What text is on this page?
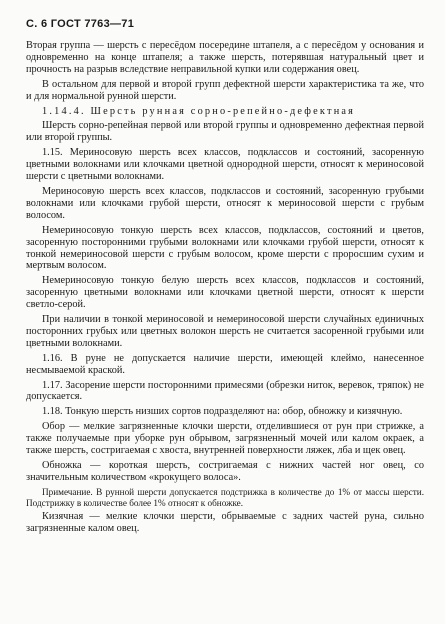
С. 6 ГОСТ 7763—71

Вторая группа — шерсть с пересёдом посередине штапеля, а с пересёдом у основания и одновременно на конце штапеля; а также шерсть, потерявшая натуральный цвет и прочность на разрыв вследствие неправильной купки или содержания овец.

В остальном для первой и второй групп дефектной шерсти характеристика та же, что и для нормальной рунной шерсти.

1.14.4. Шерсть рунная сорно-репейно-дефектная

Шерсть сорно-репейная первой или второй группы и одновременно дефектная первой или второй группы.

1.15. Мериносовую шерсть всех классов, подклассов и состояний, засоренную цветными волокнами или клочками цветной однородной шерсти, относят к мериносовой шерсти с цветными волокнами.

Мериносовую шерсть всех классов, подклассов и состояний, засоренную грубыми волокнами или клочками грубой шерсти, относят к мериносовой шерсти с грубым волосом.

Немериносовую тонкую шерсть всех классов, подклассов, состояний и цветов, засоренную посторонними грубыми волокнами или клочками грубой шерсти, относят к тонкой немериносовой шерсти с грубым волосом, кроме шерсти с проросшим сухим и мертвым волосом.

Немериносовую тонкую белую шерсть всех классов, подклассов и состояний, засоренную цветными волокнами или клочками цветной шерсти, относят к шерсти светло-серой.

При наличии в тонкой мериносовой и немериносовой шерсти случайных единичных посторонних грубых или цветных волокон шерсть не считается засоренной грубыми или цветными волокнами.

1.16. В руне не допускается наличие шерсти, имеющей клеймо, нанесенное несмываемой краской.

1.17. Засорение шерсти посторонними примесями (обрезки ниток, веревок, тряпок) не допускается.

1.18. Тонкую шерсть низших сортов подразделяют на: обор, обножку и кизячную.

Обор — мелкие загрязненные клочки шерсти, отделившиеся от рун при стрижке, а также получаемые при уборке рун обрывом, загрязненный мочей или калом окраек, а также шерсть, состригаемая с хвоста, внутренней поверхности ляжек, лба и щек овец.

Обножка — короткая шерсть, состригаемая с нижних частей ног овец, со значительным количеством «крокущего волоса».

Примечание. В рунной шерсти допускается подстрижка в количестве до 1% от массы шерсти. Подстрижку в количестве более 1% относят к обножке.

Кизячная — мелкие клочки шерсти, обрываемые с задних частей руна, сильно загрязненные калом овец.
